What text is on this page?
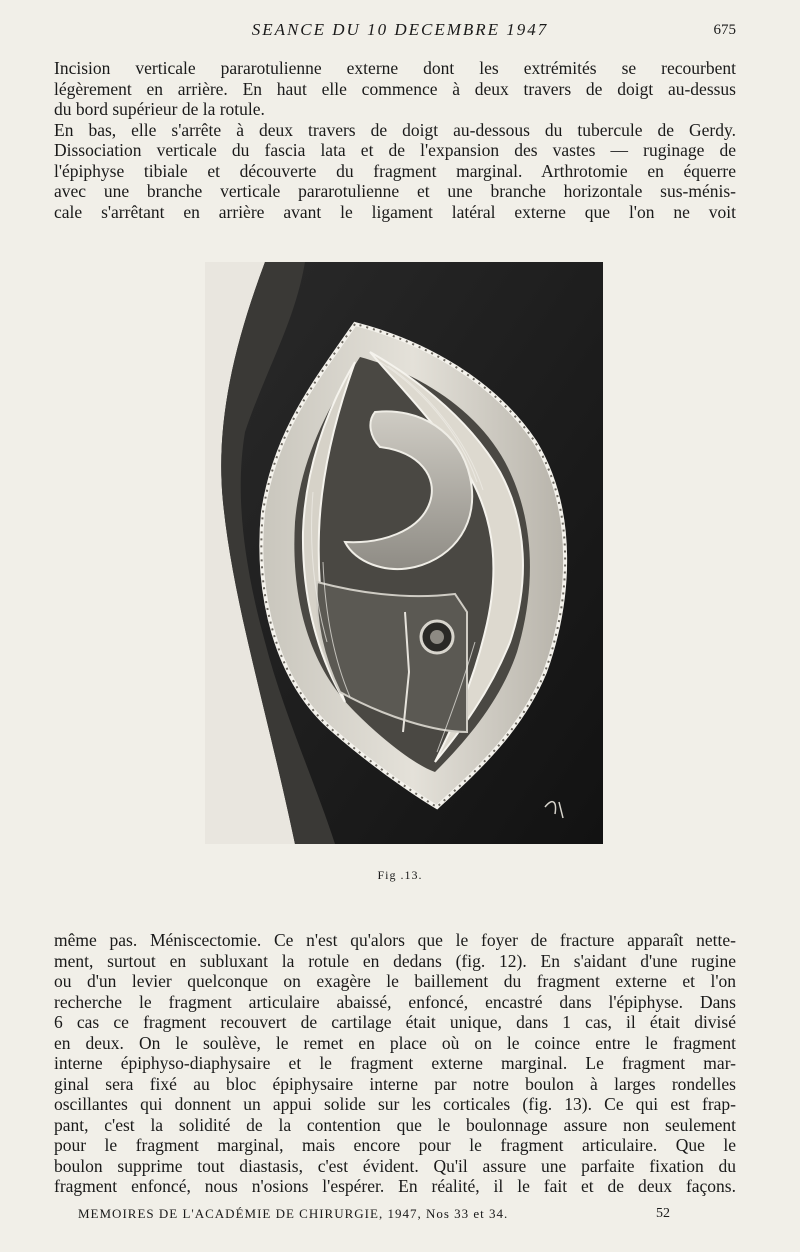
SEANCE DU 10 DECEMBRE 1947	675
Incision verticale pararotulienne externe dont les extrémités se recourbent
légèrement en arrière. En haut elle commence à deux travers de doigt au-dessus
du bord supérieur de la rotule.
En bas, elle s'arrête à deux travers de doigt au-dessous du tubercule de Gerdy.
Dissociation verticale du fascia lata et de l'expansion des vastes — ruginage de
l'épiphyse tibiale et découverte du fragment marginal. Arthrotomie en équerre
avec une branche verticale pararotulienne et une branche horizontale sus-ménis-
cale s'arrêtant en arrière avant le ligament latéral externe que l'on ne voit
Fig .13.
même pas. Méniscectomie. Ce n'est qu'alors que le foyer de fracture apparaît nette-
ment, surtout en subluxant la rotule en dedans (fig. 12). En s'aidant d'une rugine
ou d'un levier quelconque on exagère le baillement du fragment externe et l'on
recherche le fragment articulaire abaissé, enfoncé, encastré dans l'épiphyse. Dans
6 cas ce fragment recouvert de cartilage était unique, dans 1 cas, il était divisé
en deux. On le soulève, le remet en place où on le coince entre le fragment
interne épiphyso-diaphysaire et le fragment externe marginal. Le fragment mar-
ginal sera fixé au bloc épiphysaire interne par notre boulon à larges rondelles
oscillantes qui donnent un appui solide sur les corticales (fig. 13). Ce qui est frap-
pant, c'est la solidité de la contention que le boulonnage assure non seulement
pour le fragment marginal, mais encore pour le fragment articulaire. Que le
boulon supprime tout diastasis, c'est évident. Qu'il assure une parfaite fixation du
fragment enfoncé, nous n'osions l'espérer. En réalité, il le fait et de deux façons.
MEMOIRES DE L'ACADÉMIE DE CHIRURGIE, 1947, Nos 33 et 34.	52
